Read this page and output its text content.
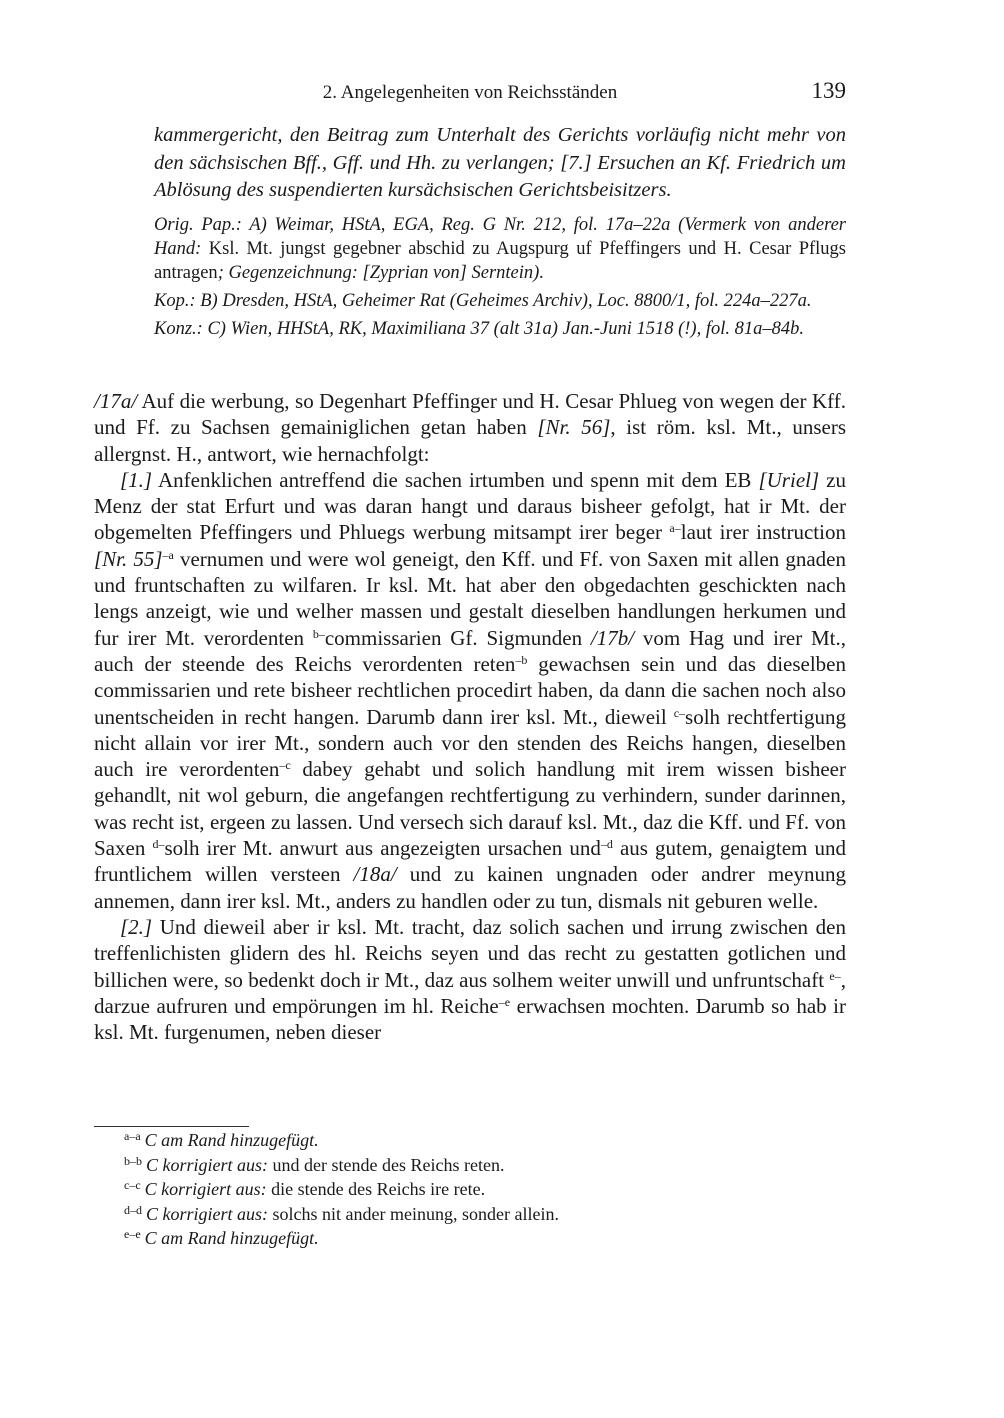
2. Angelegenheiten von Reichsständen	139

kammergericht, den Beitrag zum Unterhalt des Gerichts vorläufig nicht mehr von den sächsischen Bff., Gff. und Hh. zu verlangen; [7.] Ersuchen an Kf. Friedrich um Ablösung des suspendierten kursächsischen Gerichtsbeisitzers.

Orig. Pap.: A) Weimar, HStA, EGA, Reg. G Nr. 212, fol. 17a–22a (Vermerk von anderer Hand: Ksl. Mt. jungst gegebner abschid zu Augspurg uf Pfeffingers und H. Cesar Pflugs antragen; Gegenzeichnung: [Zyprian von] Serntein).

Kop.: B) Dresden, HStA, Geheimer Rat (Geheimes Archiv), Loc. 8800/1, fol. 224a–227a.

Konz.: C) Wien, HHStA, RK, Maximiliana 37 (alt 31a) Jan.-Juni 1518 (!), fol. 81a–84b.

/17a/ Auf die werbung, so Degenhart Pfeffinger und H. Cesar Phlueg von wegen der Kff. und Ff. zu Sachsen gemainiglichen getan haben [Nr. 56], ist röm. ksl. Mt., unsers allergnst. H., antwort, wie hernachfolgt:

[1.] Anfenklichen antreffend die sachen irtumben und spenn mit dem EB [Uriel] zu Menz der stat Erfurt und was daran hangt und daraus bisheer gefolgt, hat ir Mt. der obgemelten Pfeffingers und Phluegs werbung mitsampt irer beger $^{a-}$laut irer instruction [Nr. 55]$^{-a}$ vernumen und were wol geneigt, den Kff. und Ff. von Saxen mit allen gnaden und fruntschaften zu wilfaren. Ir ksl. Mt. hat aber den obgedachten geschickten nach lengs anzeigt, wie und welher massen und gestalt dieselben handlungen herkumen und fur irer Mt. verordenten $^{b-}$commissarien Gf. Sigmunden /17b/ vom Hag und irer Mt., auch der steende des Reichs verordenten reten$^{-b}$ gewachsen sein und das dieselben commissarien und rete bisheer rechtlichen procedirt haben, da dann die sachen noch also unentscheiden in recht hangen. Darumb dann irer ksl. Mt., dieweil $^{c-}$solh rechtfertigung nicht allain vor irer Mt., sondern auch vor den stenden des Reichs hangen, dieselben auch ire verordenten$^{-c}$ dabey gehabt und solich handlung mit irem wissen bisheer gehandlt, nit wol geburn, die angefangen rechtfertigung zu verhindern, sunder darinnen, was recht ist, ergeen zu lassen. Und versech sich darauf ksl. Mt., daz die Kff. und Ff. von Saxen $^{d-}$solh irer Mt. anwurt aus angezeigten ursachen und$^{-d}$ aus gutem, genaigtem und fruntlichem willen versteen /18a/ und zu kainen ungnaden oder andrer meynung annemen, dann irer ksl. Mt., anders zu handlen oder zu tun, dismals nit geburen welle.

[2.] Und dieweil aber ir ksl. Mt. tracht, daz solich sachen und irrung zwischen den treffenlichisten glidern des hl. Reichs seyen und das recht zu gestatten gotlichen und billichen were, so bedenkt doch ir Mt., daz aus solhem weiter unwill und unfruntschaft $^{e-}$, darzue aufruren und empörungen im hl. Reiche$^{-e}$ erwachsen mochten. Darumb so hab ir ksl. Mt. furgenumen, neben dieser

$^{a-a}$ C am Rand hinzugefügt.

$^{b-b}$ C korrigiert aus: und der stende des Reichs reten.

$^{c-c}$ C korrigiert aus: die stende des Reichs ire rete.

$^{d-d}$ C korrigiert aus: solchs nit ander meinung, sonder allein.

$^{e-e}$ C am Rand hinzugefügt.
